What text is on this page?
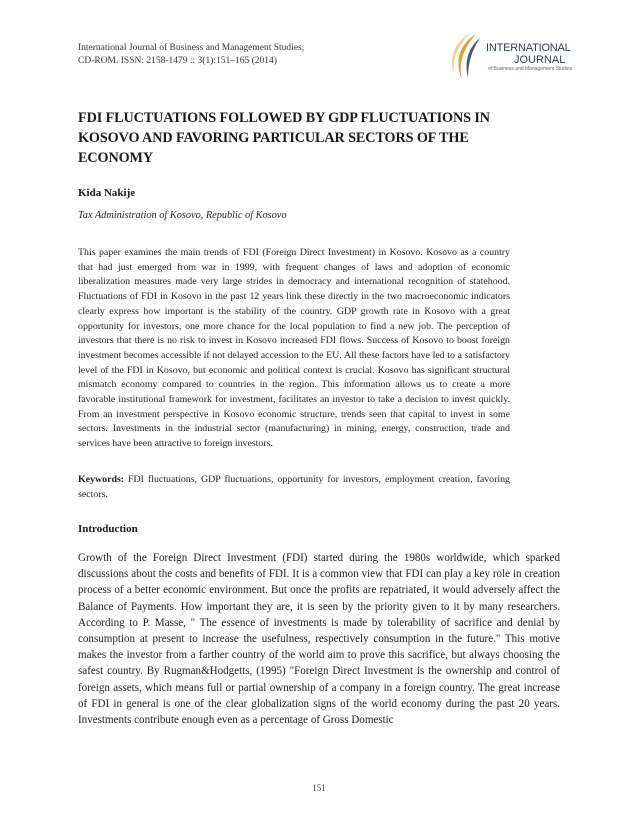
International Journal of Business and Management Studies,
CD-ROM. ISSN: 2158-1479 :: 3(1):151–165 (2014)
INTERNATIONAL
JOURNAL
of Business and Management Studies
FDI FLUCTUATIONS FOLLOWED BY GDP FLUCTUATIONS IN KOSOVO AND FAVORING PARTICULAR SECTORS OF THE ECONOMY
Kida Nakije
Tax Administration of Kosovo, Republic of Kosovo
This paper examines the main trends of FDI (Foreign Direct Investment) in Kosovo. Kosovo as a country that had just emerged from war in 1999, with frequent changes of laws and adoption of economic liberalization measures made very large strides in democracy and international recognition of statehood. Fluctuations of FDI in Kosovo in the past 12 years link these directly in the two macroeconomic indicators clearly express how important is the stability of the country. GDP growth rate in Kosovo with a great opportunity for investors, one more chance for the local population to find a new job. The perception of investors that there is no risk to invest in Kosovo increased FDI flows. Success of Kosovo to boost foreign investment becomes accessible if not delayed accession to the EU. All these factors have led to a satisfactory level of the FDI in Kosovo, but economic and political context is crucial. Kosovo has significant structural mismatch economy compared to countries in the region. This information allows us to create a more favorable institutional framework for investment, facilitates an investor to take a decision to invest quickly. From an investment perspective in Kosovo economic structure, trends seen that capital to invest in some sectors. Investments in the industrial sector (manufacturing) in mining, energy, construction, trade and services have been attractive to foreign investors.
Keywords: FDI fluctuations, GDP fluctuations, opportunity for investors, employment creation, favoring sectors.
Introduction
Growth of the Foreign Direct Investment (FDI) started during the 1980s worldwide, which sparked discussions about the costs and benefits of FDI. It is a common view that FDI can play a key role in creation process of a better economic environment. But once the profits are repatriated, it would adversely affect the Balance of Payments. How important they are, it is seen by the priority given to it by many researchers. According to P. Masse, " The essence of investments is made by tolerability of sacrifice and denial by consumption at present to increase the usefulness, respectively consumption in the future." This motive makes the investor from a farther country of the world aim to prove this sacrifice, but always choosing the safest country. By Rugman&Hodgetts, (1995) "Foreign Direct Investment is the ownership and control of foreign assets, which means full or partial ownership of a company in a foreign country. The great increase of FDI in general is one of the clear globalization signs of the world economy during the past 20 years. Investments contribute enough even as a percentage of Gross Domestic
151
